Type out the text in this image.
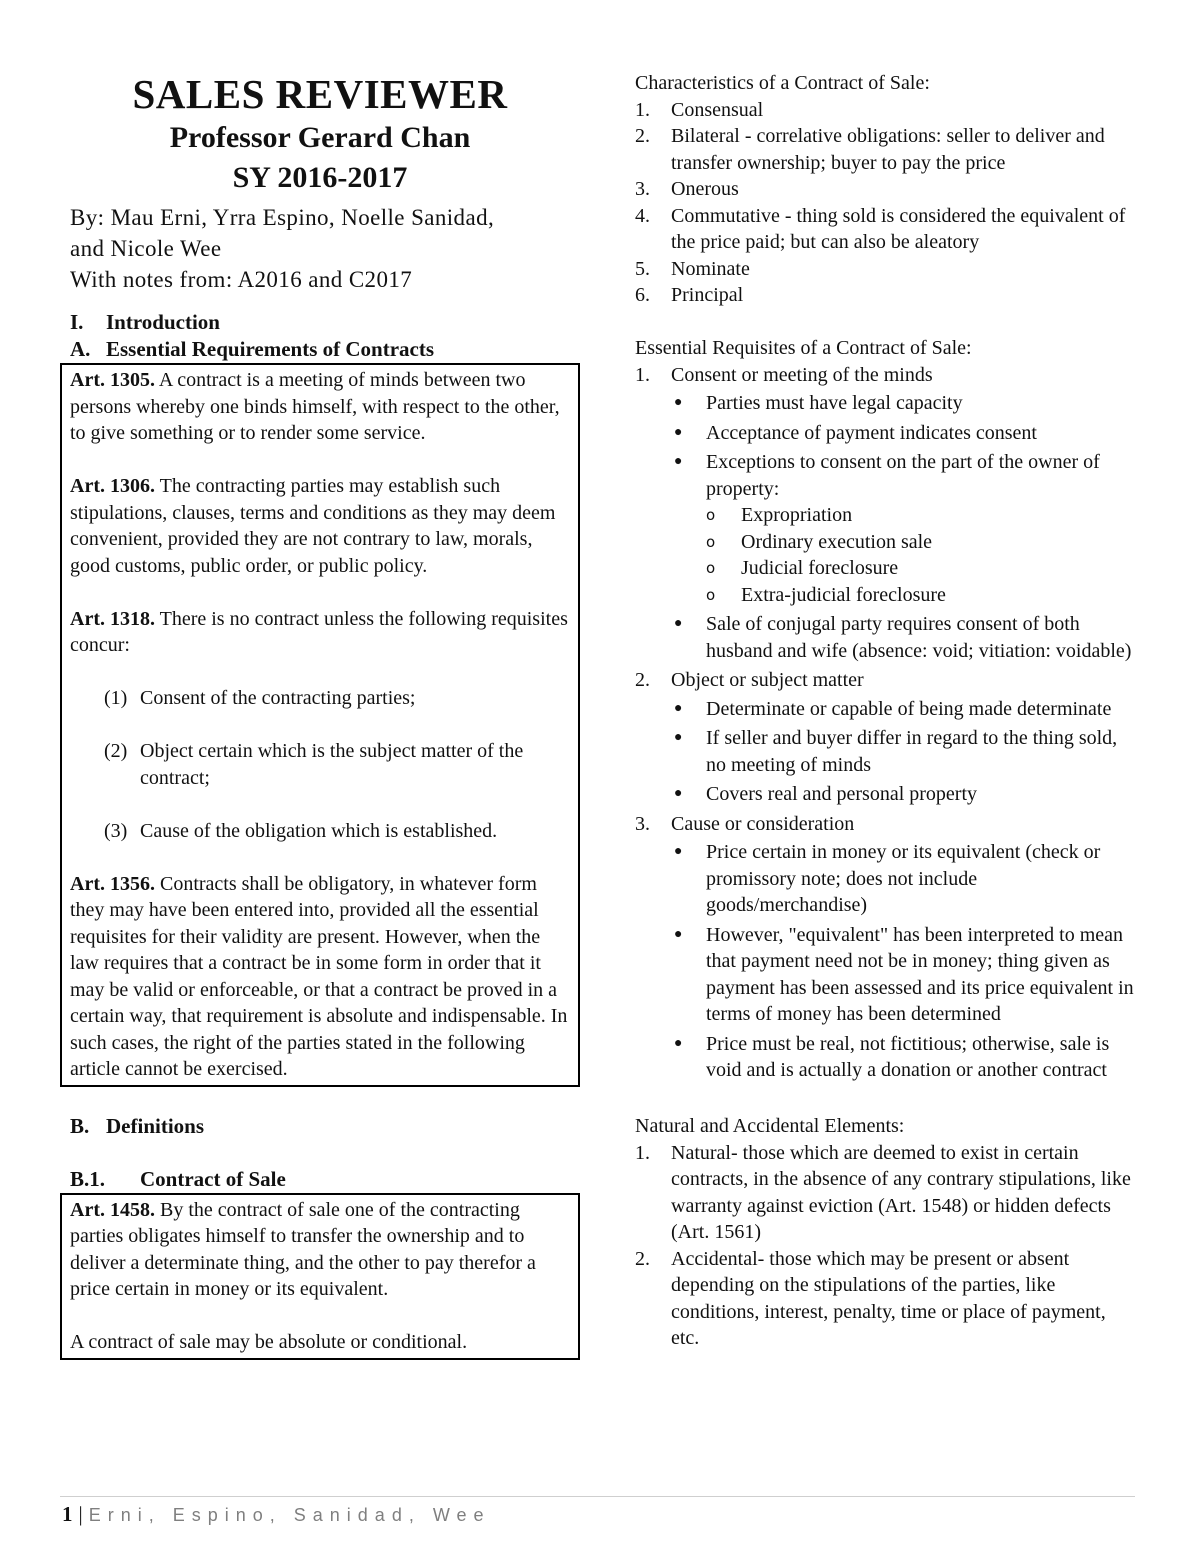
SALES REVIEWER

Professor Gerard Chan

SY 2016-2017

By: Mau Erni, Yrra Espino, Noelle Sanidad,

and Nicole Wee

With notes from: A2016 and C2017

I.	Introduction
A. Essential Requirements of Contracts

Art. 1305. A contract is a meeting of minds between two persons whereby one binds himself, with respect to the other, to give something or to render some service.

Art. 1306. The contracting parties may establish such stipulations, clauses, terms and conditions as they may deem convenient, provided they are not contrary to law, morals, good customs, public order, or public policy.

Art. 1318. There is no contract unless the following requisites concur:

(1) Consent of the contracting parties;
(2) Object certain which is the subject matter of the contract;
(3) Cause of the obligation which is established.

Art. 1356. Contracts shall be obligatory, in whatever form they may have been entered into, provided all the essential requisites for their validity are present. However, when the law requires that a contract be in some form in order that it may be valid or enforceable, or that a contract be proved in a certain way, that requirement is absolute and indispensable. In such cases, the right of the parties stated in the following article cannot be exercised.

B. Definitions
B.1.	Contract of Sale

Art. 1458. By the contract of sale one of the contracting parties obligates himself to transfer the ownership and to deliver a determinate thing, and the other to pay therefor a price certain in money or its equivalent.

A contract of sale may be absolute or conditional.

Characteristics of a Contract of Sale:

1.	Consensual
2.	Bilateral - correlative obligations: seller to deliver and transfer ownership; buyer to pay the price
3.	Onerous
4.	Commutative - thing sold is considered the equivalent of the price paid; but can also be aleatory
5.	Nominate
6.	Principal

Essential Requisites of a Contract of Sale:

1.	Consent or meeting of the minds
●	Parties must have legal capacity
●	Acceptance of payment indicates consent
●	Exceptions to consent on the part of the owner of property:
o	Expropriation
o	Ordinary execution sale
o	Judicial foreclosure
o	Extra-judicial foreclosure
●	Sale of conjugal party requires consent of both husband and wife (absence: void; vitiation: voidable)
2.	Object or subject matter
●	Determinate or capable of being made determinate
●	If seller and buyer differ in regard to the thing sold, no meeting of minds
●	Covers real and personal property
3.	Cause or consideration
●	Price certain in money or its equivalent (check or promissory note; does not include goods/merchandise)
●	However, "equivalent" has been interpreted to mean that payment need not be in money; thing given as payment has been assessed and its price equivalent in terms of money has been determined
●	Price must be real, not fictitious; otherwise, sale is void and is actually a donation or another contract

Natural and Accidental Elements:

1.	Natural- those which are deemed to exist in certain contracts, in the absence of any contrary stipulations, like warranty against eviction (Art. 1548) or hidden defects (Art. 1561)
2.	Accidental- those which may be present or absent depending on the stipulations of the parties, like conditions, interest, penalty, time or place of payment, etc.
1 | Erni, Espino, Sanidad, Wee
